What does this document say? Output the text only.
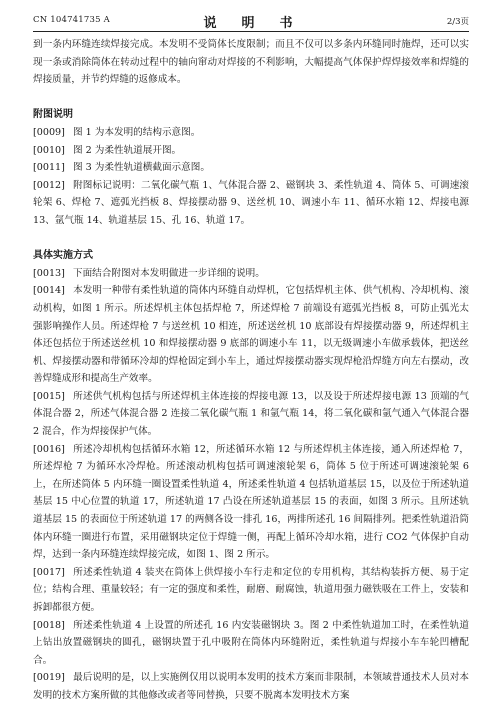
CN 104741735 A	说　明　书	2/3页

到一条内环缝连续焊接完成。本发明不受筒体长度限制；而且不仅可以多条内环缝同时施焊，还可以实现一条或消除筒体在转动过程中的轴向窜动对焊接的不利影响，大幅提高气体保护焊焊接效率和焊缝的焊接质量，并节约焊缝的返修成本。

附图说明

[0009] 图 1 为本发明的结构示意图。

[0010] 图 2 为柔性轨道展开图。

[0011] 图 3 为柔性轨道横截面示意图。

[0012] 附图标记说明：二氧化碳气瓶 1、气体混合器 2、磁钢块 3、柔性轨道 4、筒体 5、可调速滚轮架 6、焊枪 7、遮弧光挡板 8、焊接摆动器 9、送丝机 10、调速小车 11、循环水箱 12、焊接电源 13、氩气瓶 14、轨道基层 15、孔 16、轨道 17。

具体实施方式

[0013] 下面结合附图对本发明做进一步详细的说明。

[0014] 本发明一种带有柔性轨道的筒体内环缝自动焊机，它包括焊机主体、供气机构、冷却机构、滚动机构，如图 1 所示。所述焊机主体包括焊枪 7，所述焊枪 7 前端设有遮弧光挡板 8，可防止弧光太强影响操作人员。所述焊枪 7 与送丝机 10 相连，所述送丝机 10 底部设有焊接摆动器 9，所述焊机主体还包括位于所述送丝机 10 和焊接摆动器 9 底部的调速小车 11，以无级调速小车做承载体，把送丝机、焊接摆动器和带循环冷却的焊枪固定到小车上，通过焊接摆动器实现焊枪沿焊缝方向左右摆动，改善焊缝成形和提高生产效率。

[0015] 所述供气机构包括与所述焊机主体连接的焊接电源 13，以及设于所述焊接电源 13 顶端的气体混合器 2，所述气体混合器 2 连接二氧化碳气瓶 1 和氩气瓶 14，将二氧化碳和氩气通入气体混合器 2 混合，作为焊接保护气体。

[0016] 所述冷却机构包括循环水箱 12，所述循环水箱 12 与所述焊机主体连接，通入所述焊枪 7，所述焊枪 7 为循环水冷焊枪。所述滚动机构包括可调速滚轮架 6，筒体 5 位于所述可调速滚轮架 6 上，在所述筒体 5 内环缝一圈设置柔性轨道 4，所述柔性轨道 4 包括轨道基层 15，以及位于所述轨道基层 15 中心位置的轨道 17，所述轨道 17 凸设在所述轨道基层 15 的表面，如图 3 所示。且所述轨道基层 15 的表面位于所述轨道 17 的两侧各设一排孔 16，两排所述孔 16 间隔排列。把柔性轨道沿筒体内环缝一圈进行布置，采用磁钢块定位于焊缝一侧，再配上循环冷却水箱，进行 CO2 气体保护自动焊，达到一条内环缝连续焊接完成，如图 1、图 2 所示。

[0017] 所述柔性轨道 4 装夹在筒体上供焊接小车行走和定位的专用机构，其结构装拆方便、易于定位；结构合理、重量较轻；有一定的强度和柔性，耐磨、耐腐蚀，轨道用强力磁铁吸在工件上，安装和拆卸都很方便。

[0018] 所述柔性轨道 4 上设置的所述孔 16 内安装磁钢块 3。图 2 中柔性轨道加工时，在柔性轨道上钻出放置磁钢块的圆孔，磁钢块置于孔中吸附在筒体内环缝附近，柔性轨道与焊接小车车轮凹槽配合。

[0019] 最后说明的是，以上实施例仅用以说明本发明的技术方案而非限制，本领域普通技术人员对本发明的技术方案所做的其他修改或者等同替换，只要不脱离本发明技术方案
